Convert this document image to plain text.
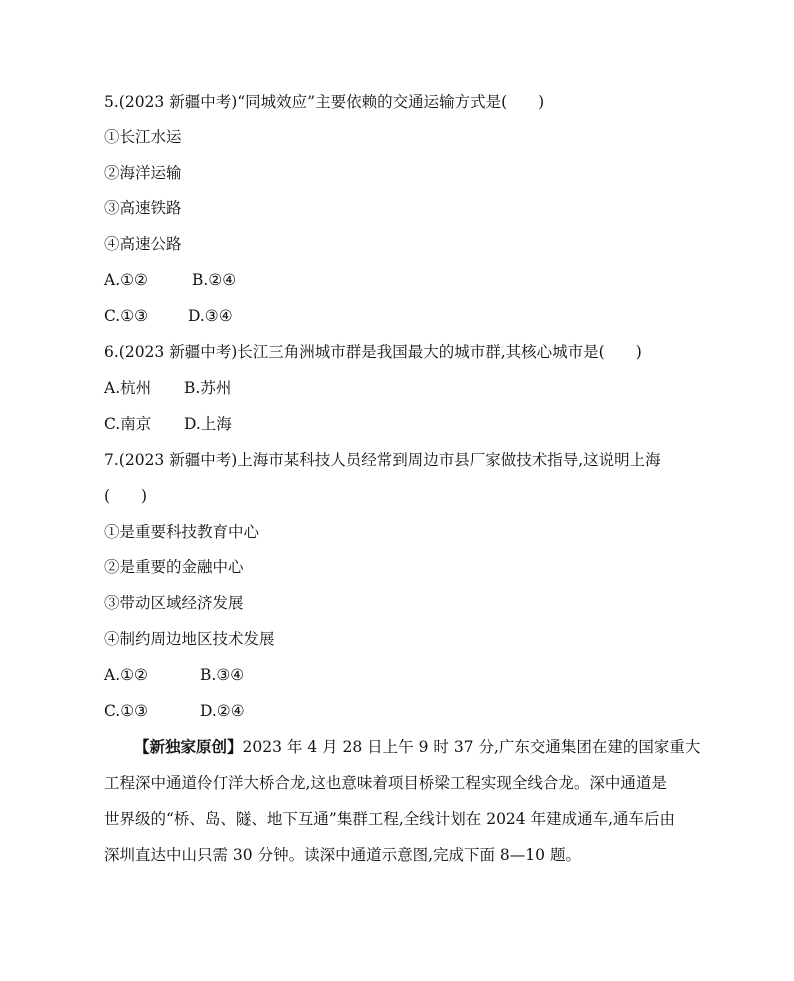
5.(2023 新疆中考)“同城效应”主要依赖的交通运输方式是(　　)
①长江水运
②海洋运输
③高速铁路
④高速公路
A.①②	B.②④
C.①③	D.③④
6.(2023 新疆中考)长江三角洲城市群是我国最大的城市群,其核心城市是(　　)
A.杭州 B.苏州
C.南京 D.上海
7.(2023 新疆中考)上海市某科技人员经常到周边市县厂家做技术指导,这说明上海
(　　)
①是重要科技教育中心
②是重要的金融中心
③带动区域经济发展
④制约周边地区技术发展
A.①②	B.③④
C.①③	D.②④
【新独家原创】2023 年 4 月 28 日上午 9 时 37 分,广东交通集团在建的国家重大
工程深中通道伶仃洋大桥合龙,这也意味着项目桥梁工程实现全线合龙。深中通道是
世界级的“桥、岛、隧、地下互通”集群工程,全线计划在 2024 年建成通车,通车后由
深圳直达中山只需 30 分钟。读深中通道示意图,完成下面 8—10 题。
